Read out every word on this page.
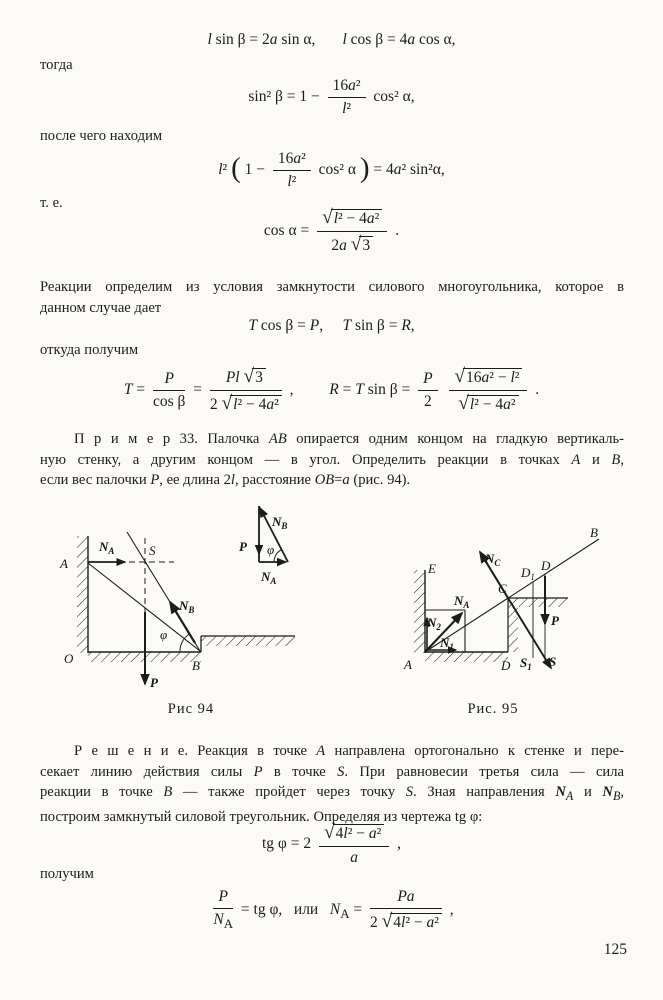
l sin β = 2a sin α,   l cos β = 4a cos α,
тогда
sin² $\beta = 1 - \frac{\text{16a²}}{\text{l²}} \cos^2$ α,
после чего находим
l² ( $1 - \frac{\text{16a²}}{\text{l²}} \cos^2$ α ) = 4a² sin²α,
т. е.
$\cos \alpha = \frac{\text{√l² − 4a²}}{2a √3}$ .
Реакции определим из условия замкнутости силового многоугольника, которое в
данном случае дает
T cos β = P,  T sin β = R,
откуда получим
$T = \frac{P}{\text{cos β}} = \frac{Pl √3}{\text{2 √l² − 4a²}}$ , R = T $\sin \beta = \frac{P}{2}$
$\frac{\text{√16a² − l²}}{\text{√l² − 4a²}}$ .
П р и м е р 33. Палочка AB опирается одним концом на гладкую вертикаль-
ную стенку, а другим концом — в угол. Определить реакции в точках A и B,
если вес палочки P, ее длина 2l, расстояние OB=a (рис. 94).
A
O	B
S
φ
P
$N_A$
$N_B$
P
$N_A$
$N_B$
φ
E
A
B
C
D
$D_1$
D	S
$S_1$
P
$N_C$
$N_A$
$N_1$
$N_2$
Рис 94	Рис. 95
Р е ш е н и е. Реакция в точке A направлена ортогонально к стенке и пере-
секает линию действия силы P в точке S. При равновесии третья сила — сила
реакции в точке B — также пройдет через точку S. Зная направления $N_A$ и $N_B$,
построим замкнутый силовой треугольник. Определяя из чертежа tg φ:
tg $\varphi = 2 \frac{\text{√4l² − a²}}{a}$ ,
получим
$\frac{P}{N_A}$ = tg φ,  или  $N_A = \frac{Pa}{\text{2 √4l² − a²}}$ ,
125
